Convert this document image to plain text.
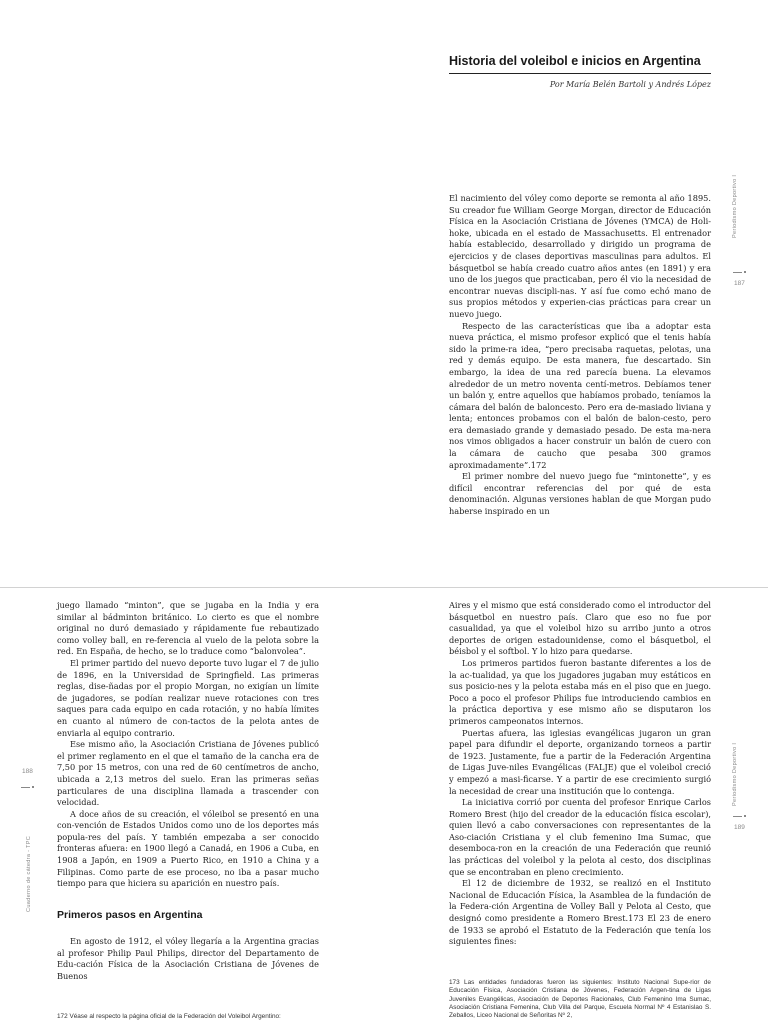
Historia del voleibol e inicios en Argentina

Por María Belén Bartoli y Andrés López

El nacimiento del vóley como deporte se remonta al año 1895. Su creador fue William George Morgan, director de Educación Física en la Asociación Cristiana de Jóvenes (YMCA) de Holi-hoke, ubicada en el estado de Massachusetts. El entrenador había establecido, desarrollado y dirigido un programa de ejercicios y de clases deportivas masculinas para adultos. El básquetbol se había creado cuatro años antes (en 1891) y era uno de los juegos que practicaban, pero él vio la necesidad de encontrar nuevas discipli-nas. Y así fue como echó mano de sus propios métodos y experien-cias prácticas para crear un nuevo juego.

Respecto de las características que iba a adoptar esta nueva práctica, el mismo profesor explicó que el tenis había sido la prime-ra idea, “pero precisaba raquetas, pelotas, una red y demás equipo. De esta manera, fue descartado. Sin embargo, la idea de una red parecía buena. La elevamos alrededor de un metro noventa centí-metros. Debíamos tener un balón y, entre aquellos que habíamos probado, teníamos la cámara del balón de baloncesto. Pero era de-masiado liviana y lenta; entonces probamos con el balón de balon-cesto, pero era demasiado grande y demasiado pesado. De esta ma-nera nos vimos obligados a hacer construir un balón de cuero con la cámara de caucho que pesaba 300 gramos aproximadamente”.172

El primer nombre del nuevo juego fue “mintonette”, y es difícil encontrar referencias del por qué de esta denominación. Algunas versiones hablan de que Morgan pudo haberse inspirado en un

juego llamado “minton”, que se jugaba en la India y era similar al bádminton británico. Lo cierto es que el nombre original no duró demasiado y rápidamente fue rebautizado como volley ball, en re-ferencia al vuelo de la pelota sobre la red. En España, de hecho, se lo traduce como “balonvolea”.

El primer partido del nuevo deporte tuvo lugar el 7 de julio de 1896, en la Universidad de Springfield. Las primeras reglas, dise-ñadas por el propio Morgan, no exigían un límite de jugadores, se podían realizar nueve rotaciones con tres saques para cada equipo en cada rotación, y no había límites en cuanto al número de con-tactos de la pelota antes de enviarla al equipo contrario.

Ese mismo año, la Asociación Cristiana de Jóvenes publicó el primer reglamento en el que el tamaño de la cancha era de 7,50 por 15 metros, con una red de 60 centímetros de ancho, ubicada a 2,13 metros del suelo. Eran las primeras señas particulares de una disciplina llamada a trascender con velocidad.

A doce años de su creación, el vóleibol se presentó en una con-vención de Estados Unidos como uno de los deportes más popula-res del país. Y también empezaba a ser conocido fronteras afuera: en 1900 llegó a Canadá, en 1906 a Cuba, en 1908 a Japón, en 1909 a Puerto Rico, en 1910 a China y a Filipinas. Como parte de ese proceso, no iba a pasar mucho tiempo para que hiciera su aparición en nuestro país.

Primeros pasos en Argentina

En agosto de 1912, el vóley llegaría a la Argentina gracias al profesor Philip Paul Philips, director del Departamento de Edu-cación Física de la Asociación Cristiana de Jóvenes de Buenos

172 Véase al respecto la página oficial de la Federación del Voleibol Argentino:

Aires y el mismo que está considerado como el introductor del básquetbol en nuestro país. Claro que eso no fue por casualidad, ya que el voleibol hizo su arribo junto a otros deportes de origen estadounidense, como el básquetbol, el béisbol y el softbol. Y lo hizo para quedarse.

Los primeros partidos fueron bastante diferentes a los de la ac-tualidad, ya que los jugadores jugaban muy estáticos en sus posicio-nes y la pelota estaba más en el piso que en juego. Poco a poco el profesor Philips fue introduciendo cambios en la práctica deportiva y ese mismo año se disputaron los primeros campeonatos internos.

Puertas afuera, las iglesias evangélicas jugaron un gran papel para difundir el deporte, organizando torneos a partir de 1923. Justamente, fue a partir de la Federación Argentina de Ligas Juve-niles Evangélicas (FALJE) que el voleibol creció y empezó a masi-ficarse. Y a partir de ese crecimiento surgió la necesidad de crear una institución que lo contenga.

La iniciativa corrió por cuenta del profesor Enrique Carlos Romero Brest (hijo del creador de la educación física escolar), quien llevó a cabo conversaciones con representantes de la Aso-ciación Cristiana y el club femenino Ima Sumac, que desemboca-ron en la creación de una Federación que reunió las prácticas del voleibol y la pelota al cesto, dos disciplinas que se encontraban en pleno crecimiento.

El 12 de diciembre de 1932, se realizó en el Instituto Nacional de Educación Física, la Asamblea de la fundación de la Federa-ción Argentina de Volley Ball y Pelota al Cesto, que designó como presidente a Romero Brest.173 El 23 de enero de 1933 se aprobó el Estatuto de la Federación que tenía los siguientes fines:

173 Las entidades fundadoras fueron las siguientes: Instituto Nacional Supe-rior de Educación Física, Asociación Cristiana de Jóvenes, Federación Argen-tina de Ligas Juveniles Evangélicas, Asociación de Deportes Racionales, Club Femenino Ima Sumac, Asociación Cristiana Femenina, Club Villa del Parque, Escuela Normal Nº 4 Estanislao S. Zeballos, Liceo Nacional de Señoritas Nº 2,

Periodismo Deportivo I
187
188
Cuaderno de cátedra - TPC
Periodismo Deportivo I
189
